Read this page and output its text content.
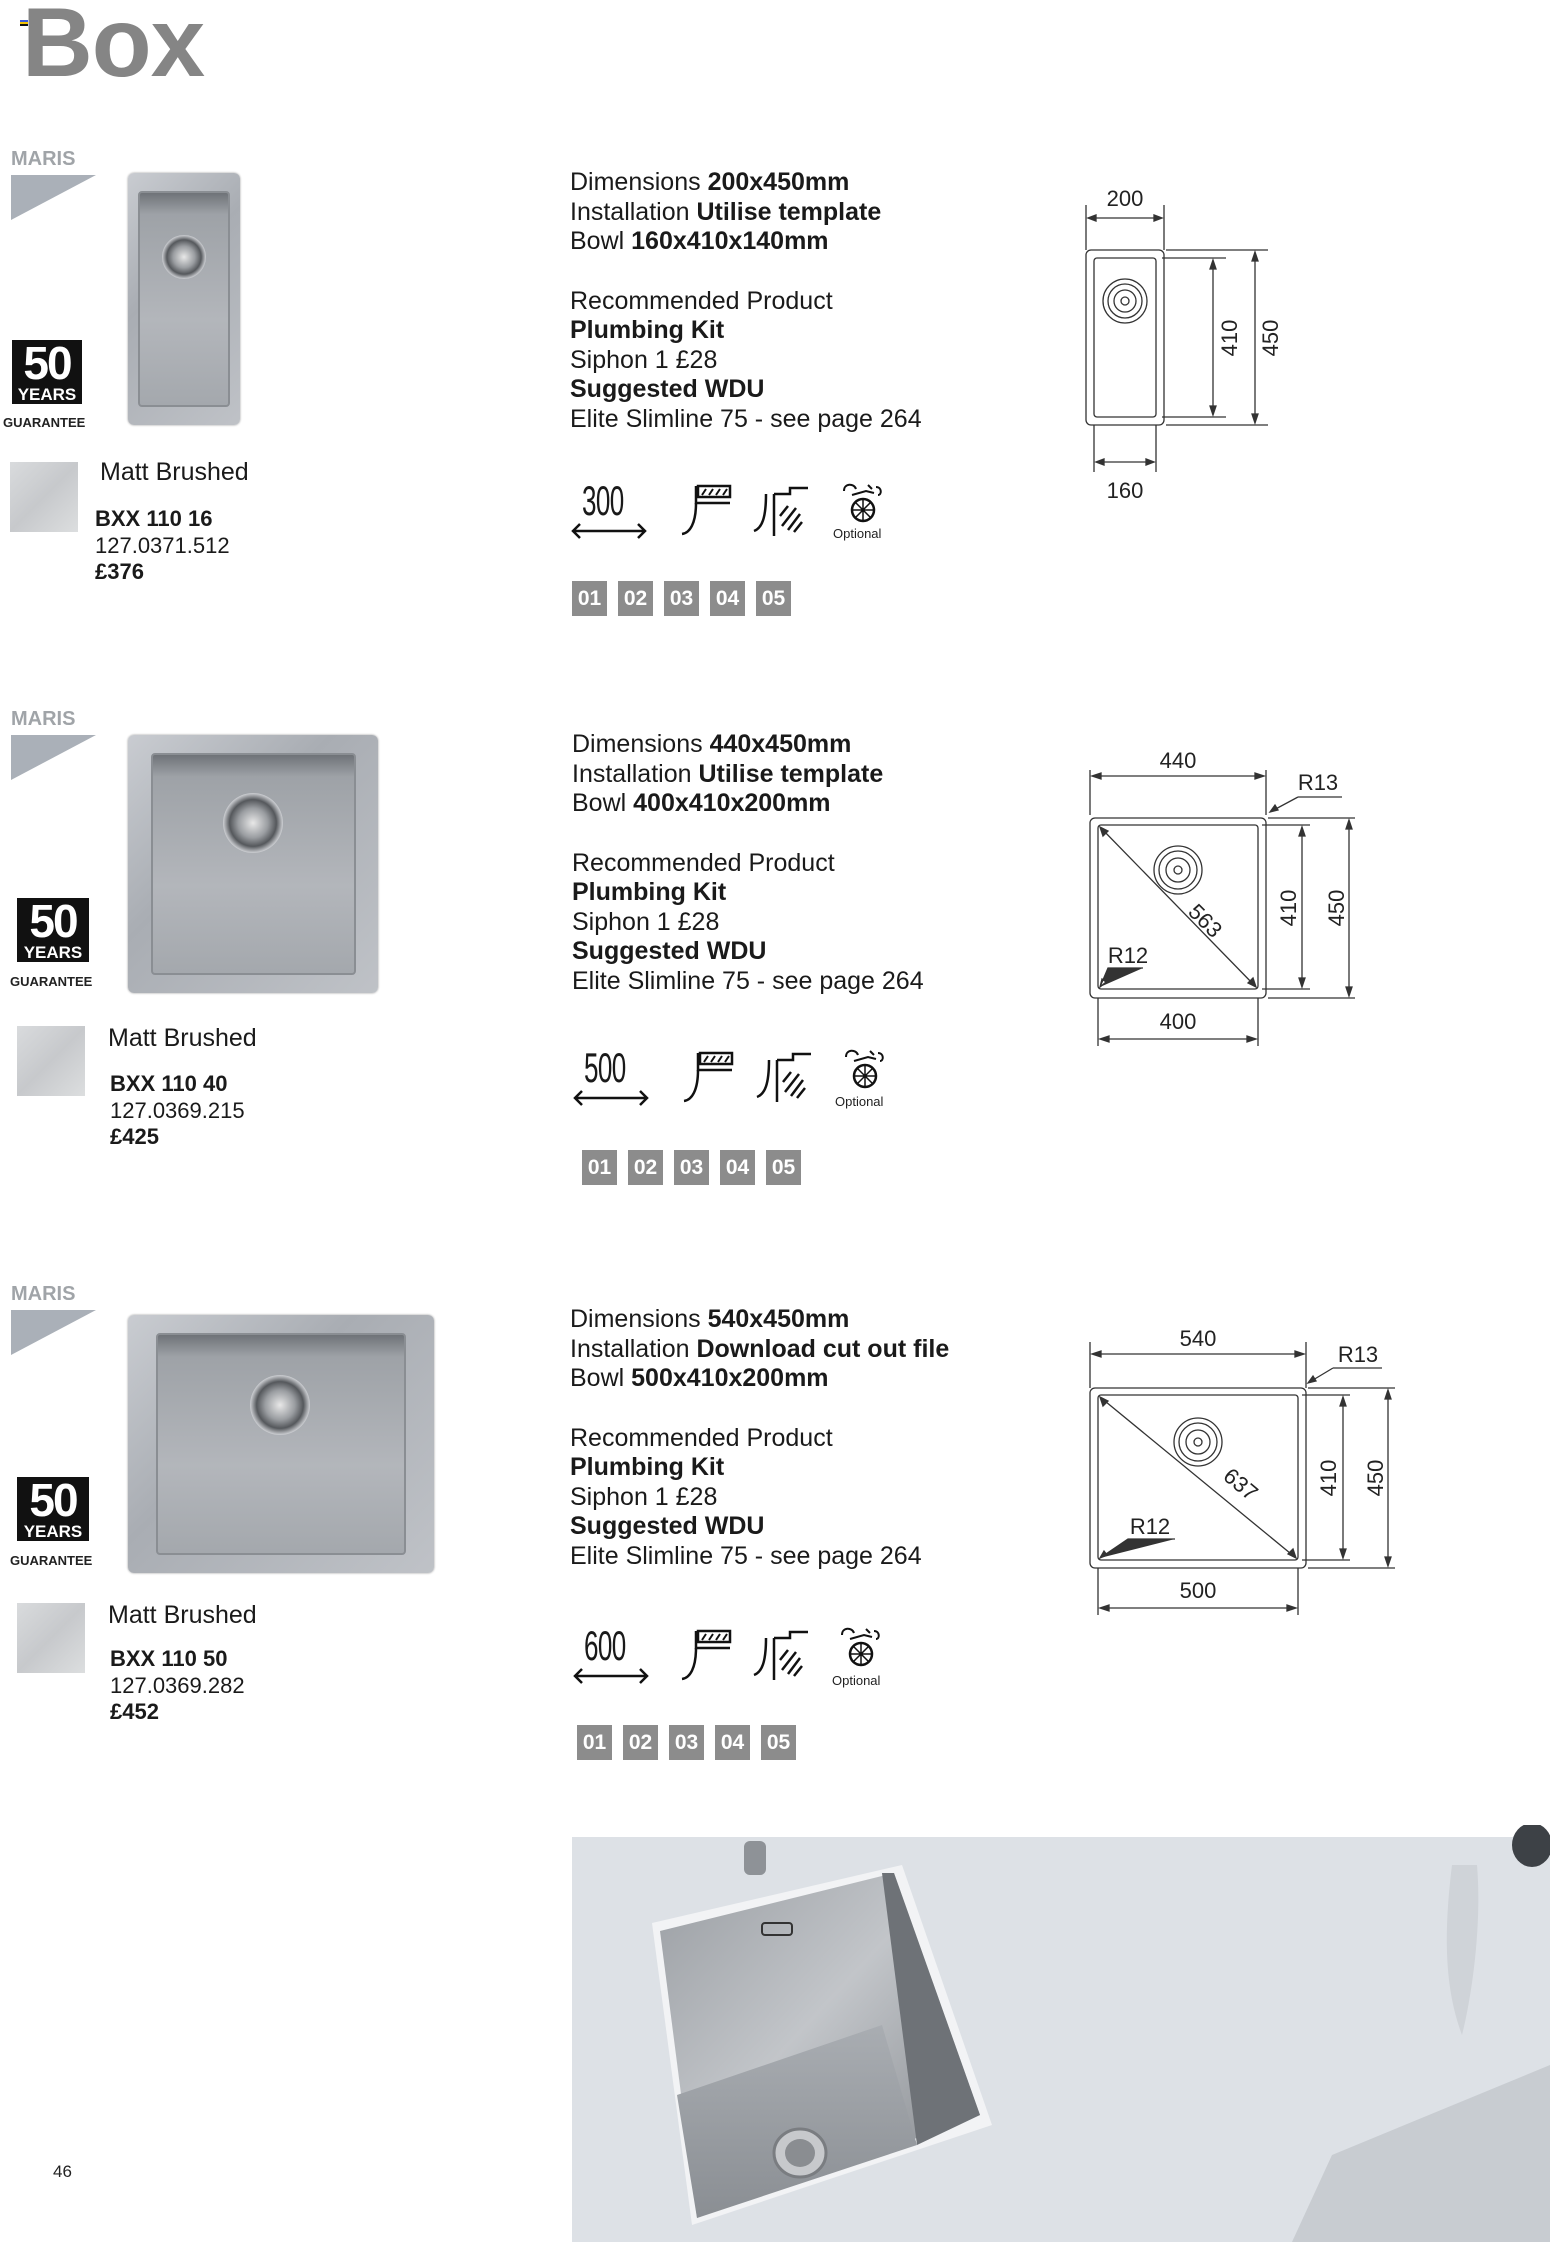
Box
MARIS
50
YEARS
GUARANTEE
Matt Brushed
BXX 110 16
127.0371.512
£376
Dimensions 200x450mm
Installation Utilise template
Bowl 160x410x140mm
Recommended Product
Plumbing Kit
Siphon 1 £28
Suggested WDU
Elite Slimline 75 - see page 264
300
Optional
01 02 03 04 05
200
160
410 450
MARIS
50
YEARS
GUARANTEE
Matt Brushed
BXX 110 40
127.0369.215
£425
Dimensions 440x450mm
Installation Utilise template
Bowl 400x410x200mm
Recommended Product
Plumbing Kit
Siphon 1 £28
Suggested WDU
Elite Slimline 75 - see page 264
500
Optional
01 02 03 04 05
440
R13
563
R12
410 450
400
MARIS
50
YEARS
GUARANTEE
Matt Brushed
BXX 110 50
127.0369.282
£452
Dimensions 540x450mm
Installation Download cut out file
Bowl 500x410x200mm
Recommended Product
Plumbing Kit
Siphon 1 £28
Suggested WDU
Elite Slimline 75 - see page 264
600
Optional
01 02 03 04 05
540
R13
637
R12
410 450
500
46
